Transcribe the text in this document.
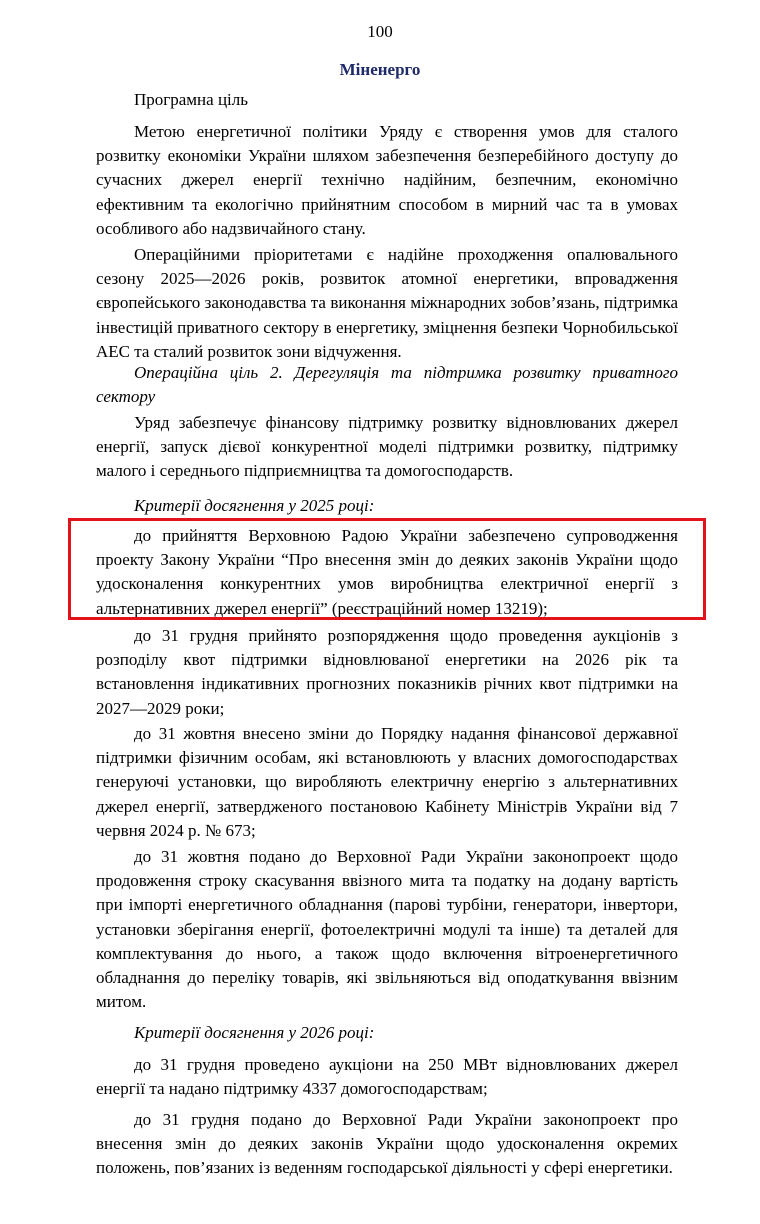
100
Міненерго
Програмна ціль
Метою енергетичної політики Уряду є створення умов для сталого розвитку економіки України шляхом забезпечення безперебійного доступу до сучасних джерел енергії технічно надійним, безпечним, економічно ефективним та екологічно прийнятним способом в мирний час та в умовах особливого або надзвичайного стану.
Операційними пріоритетами є надійне проходження опалювального сезону 2025—2026 років, розвиток атомної енергетики, впровадження європейського законодавства та виконання міжнародних зобов’язань, підтримка інвестицій приватного сектору в енергетику, зміцнення безпеки Чорнобильської АЕС та сталий розвиток зони відчуження.
Операційна ціль 2. Дерегуляція та підтримка розвитку приватного сектору
Уряд забезпечує фінансову підтримку розвитку відновлюваних джерел енергії, запуск дієвої конкурентної моделі підтримки розвитку, підтримку малого і середнього підприємництва та домогосподарств.
Критерії досягнення у 2025 році:
до прийняття Верховною Радою України забезпечено супроводження проекту Закону України “Про внесення змін до деяких законів України щодо удосконалення конкурентних умов виробництва електричної енергії з альтернативних джерел енергії” (реєстраційний номер 13219);
до 31 грудня прийнято розпорядження щодо проведення аукціонів з розподілу квот підтримки відновлюваної енергетики на 2026 рік та встановлення індикативних прогнозних показників річних квот підтримки на 2027—2029 роки;
до 31 жовтня внесено зміни до Порядку надання фінансової державної підтримки фізичним особам, які встановлюють у власних домогосподарствах генеруючі установки, що виробляють електричну енергію з альтернативних джерел енергії, затвердженого постановою Кабінету Міністрів України від 7 червня 2024 р. № 673;
до 31 жовтня подано до Верховної Ради України законопроект щодо продовження строку скасування ввізного мита та податку на додану вартість при імпорті енергетичного обладнання (парові турбіни, генератори, інвертори, установки зберігання енергії, фотоелектричні модулі та інше) та деталей для комплектування до нього, а також щодо включення вітроенергетичного обладнання до переліку товарів, які звільняються від оподаткування ввізним митом.
Критерії досягнення у 2026 році:
до 31 грудня проведено аукціони на 250 МВт відновлюваних джерел енергії та надано підтримку 4337 домогосподарствам;
до 31 грудня подано до Верховної Ради України законопроект про внесення змін до деяких законів України щодо удосконалення окремих положень, пов’язаних із веденням господарської діяльності у сфері енергетики.
